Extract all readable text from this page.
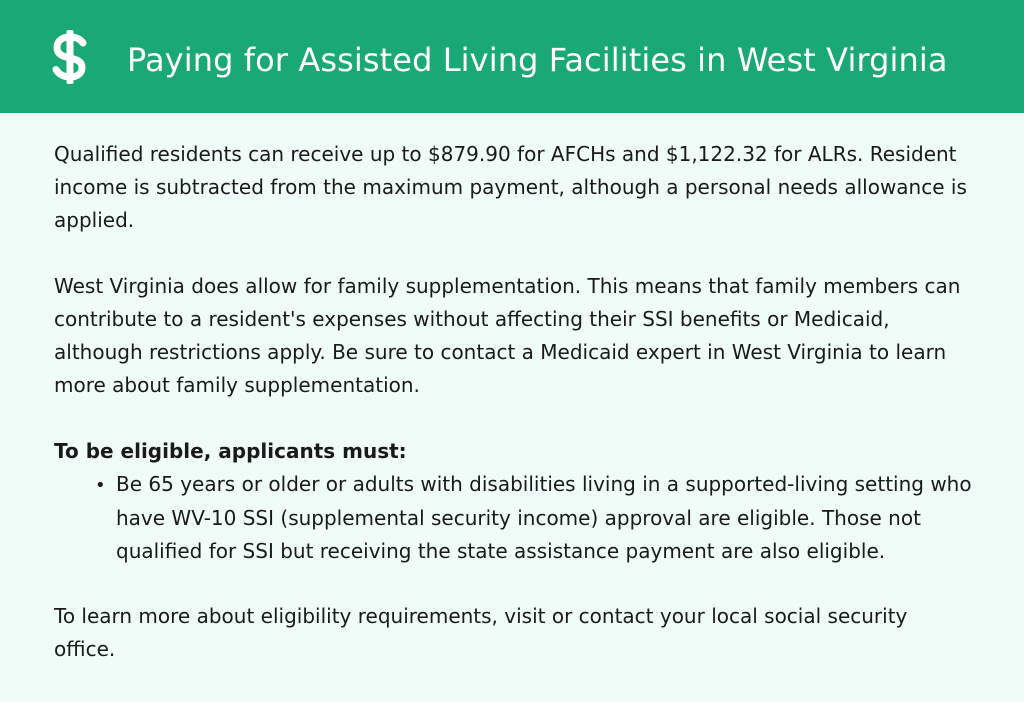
Paying for Assisted Living Facilities in West Virginia

Qualified residents can receive up to $879.90 for AFCHs and $1,122.32 for ALRs. Resident income is subtracted from the maximum payment, although a personal needs allowance is applied.

West Virginia does allow for family supplementation. This means that family members can contribute to a resident's expenses without affecting their SSI benefits or Medicaid, although restrictions apply. Be sure to contact a Medicaid expert in West Virginia to learn more about family supplementation.

To be eligible, applicants must:
• Be 65 years or older or adults with disabilities living in a supported-living setting who have WV-10 SSI (supplemental security income) approval are eligible. Those not qualified for SSI but receiving the state assistance payment are also eligible.

To learn more about eligibility requirements, visit or contact your local social security office.
